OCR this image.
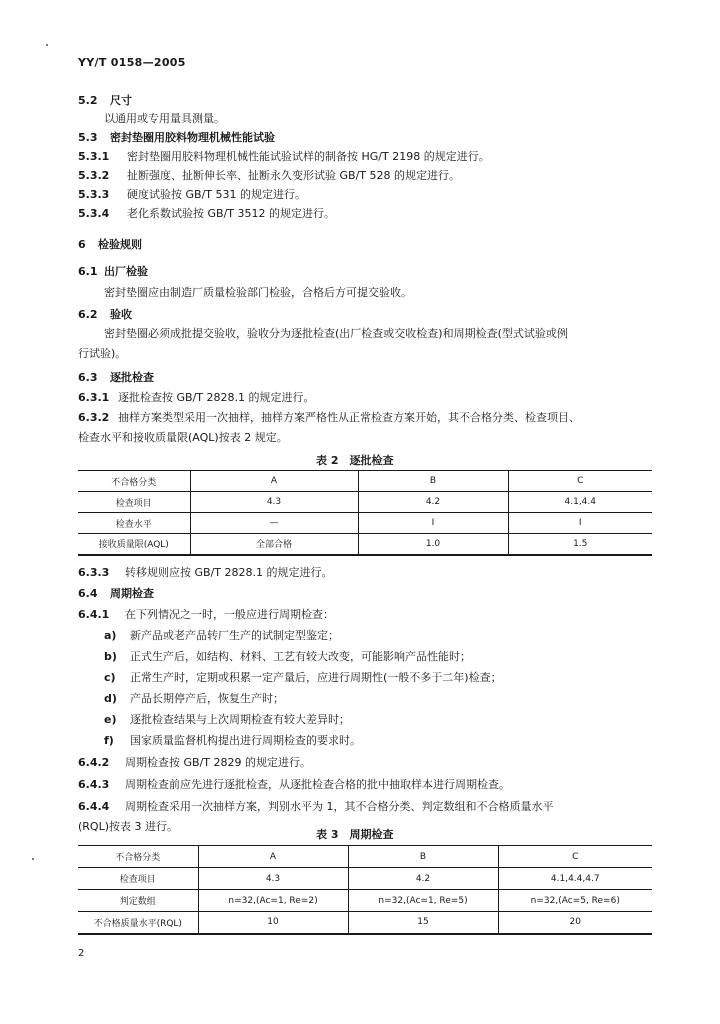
YY/T 0158—2005
5.2 尺寸
以通用或专用量具测量。
5.3 密封垫圈用胶料物理机械性能试验
5.3.1 密封垫圈用胶料物理机械性能试验试样的制备按 HG/T 2198 的规定进行。
5.3.2 扯断强度、扯断伸长率、扯断永久变形试验 GB/T 528 的规定进行。
5.3.3 硬度试验按 GB/T 531 的规定进行。
5.3.4 老化系数试验按 GB/T 3512 的规定进行。
6 检验规则
6.1 出厂检验
密封垫圈应由制造厂质量检验部门检验，合格后方可提交验收。
6.2 验收
密封垫圈必须成批提交验收，验收分为逐批检查(出厂检查或交收检查)和周期检查(型式试验或例
行试验)。
6.3 逐批检查
6.3.1 逐批检查按 GB/T 2828.1 的规定进行。
6.3.2 抽样方案类型采用一次抽样，抽样方案严格性从正常检查方案开始，其不合格分类、检查项目、
检查水平和接收质量限(AQL)按表 2 规定。
6.3.3 转移规则应按 GB/T 2828.1 的规定进行。
6.4 周期检查
6.4.1 在下列情况之一时，一般应进行周期检查：
a) 新产品或老产品转厂生产的试制定型鉴定；
b) 正式生产后，如结构、材料、工艺有较大改变，可能影响产品性能时；
c) 正常生产时，定期或积累一定产量后，应进行周期性(一般不多于二年)检查；
d) 产品长期停产后，恢复生产时；
e) 逐批检查结果与上次周期检查有较大差异时；
f) 国家质量监督机构提出进行周期检查的要求时。
6.4.2 周期检查按 GB/T 2829 的规定进行。
6.4.3 周期检查前应先进行逐批检查，从逐批检查合格的批中抽取样本进行周期检查。
6.4.4 周期检查采用一次抽样方案，判别水平为 1，其不合格分类、判定数组和不合格质量水平
(RQL)按表 3 进行。
表 2　逐批检查
不合格分类	A	B	C
检查项目	4.3	4.2	4.1,4.4
检查水平	—	Ⅰ	Ⅰ
接收质量限(AQL)	全部合格	1.0	1.5
表 3　周期检查
不合格分类	A	B	C
检查项目	4.3	4.2	4.1,4.4,4.7
判定数组	n=32,(Ac=1, Re=2)	n=32,(Ac=1, Re=5)	n=32,(Ac=5, Re=6)
不合格质量水平(RQL)	10	15	20
2
